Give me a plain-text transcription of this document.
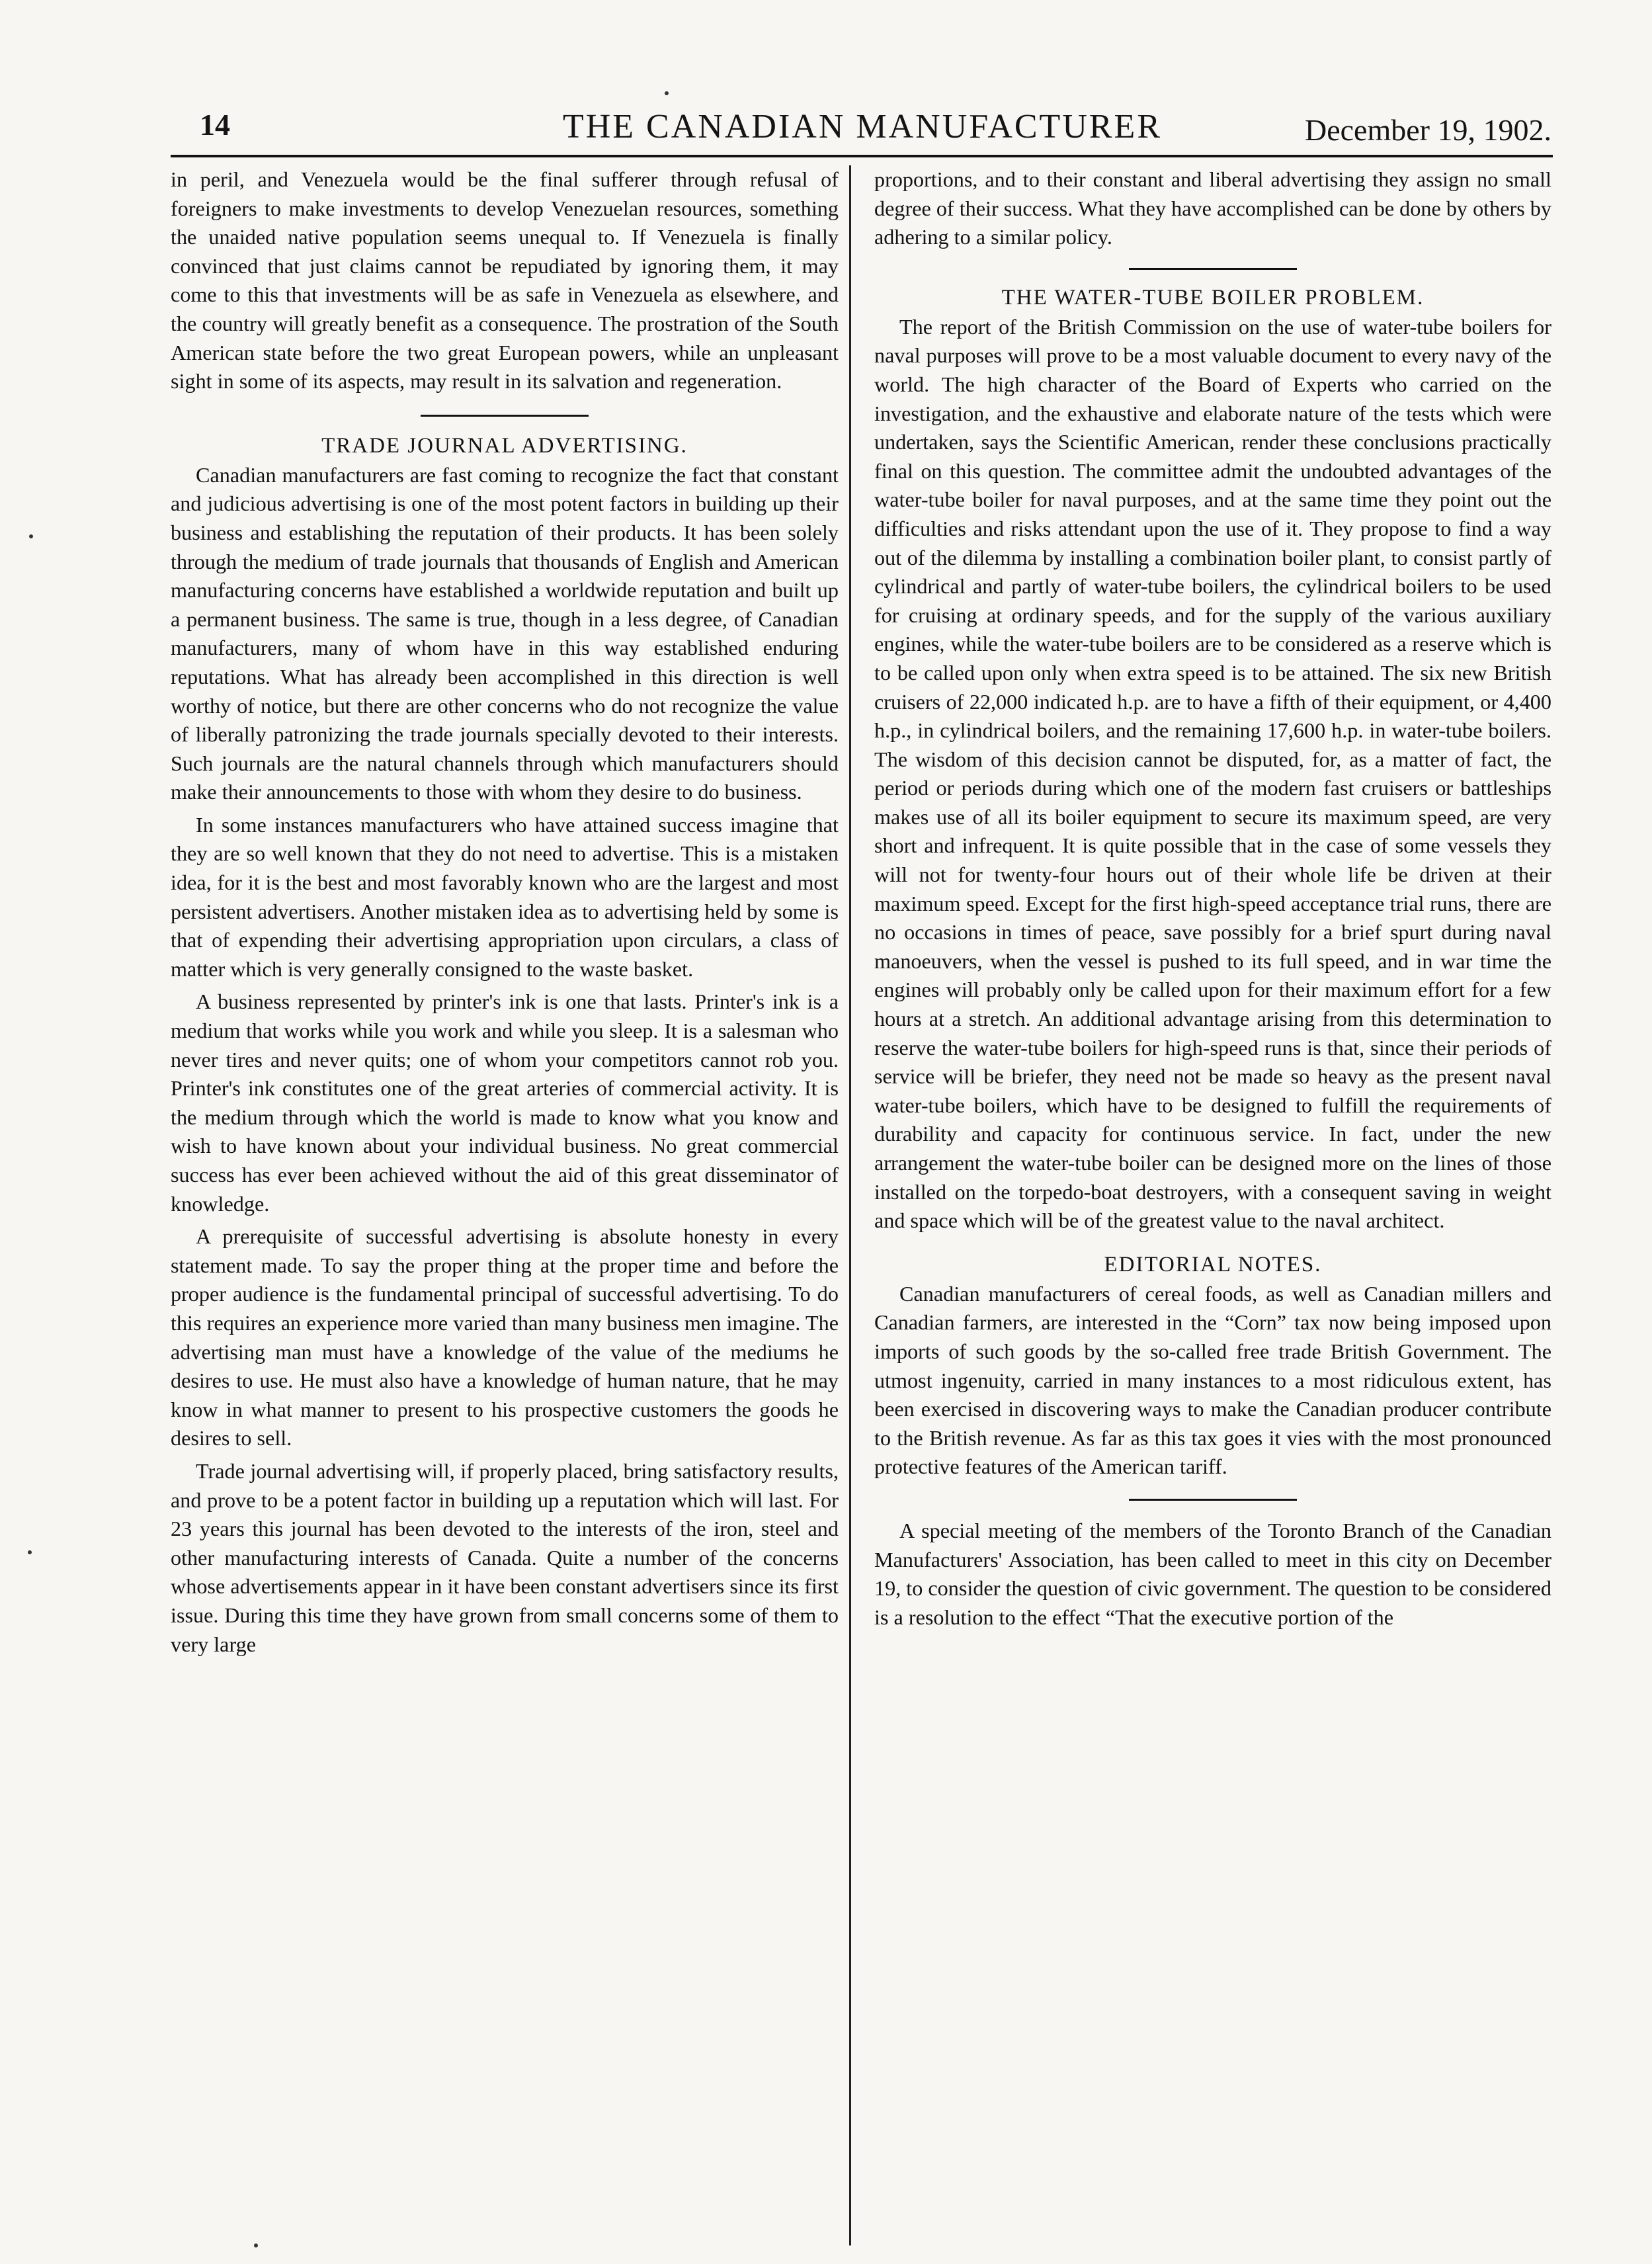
14	THE CANADIAN MANUFACTURER	December 19, 1902.

in peril, and Venezuela would be the final sufferer through refusal of foreigners to make investments to develop Venezuelan resources, something the unaided native population seems unequal to. If Venezuela is finally convinced that just claims cannot be repudiated by ignoring them, it may come to this that investments will be as safe in Venezuela as elsewhere, and the country will greatly benefit as a consequence. The prostration of the South American state before the two great European powers, while an unpleasant sight in some of its aspects, may result in its salvation and regeneration.

TRADE JOURNAL ADVERTISING.

Canadian manufacturers are fast coming to recognize the fact that constant and judicious advertising is one of the most potent factors in building up their business and establishing the reputation of their products. It has been solely through the medium of trade journals that thousands of English and American manufacturing concerns have established a worldwide reputation and built up a permanent business. The same is true, though in a less degree, of Canadian manufacturers, many of whom have in this way established enduring reputations. What has already been accomplished in this direction is well worthy of notice, but there are other concerns who do not recognize the value of liberally patronizing the trade journals specially devoted to their interests. Such journals are the natural channels through which manufacturers should make their announcements to those with whom they desire to do business.

In some instances manufacturers who have attained success imagine that they are so well known that they do not need to advertise. This is a mistaken idea, for it is the best and most favorably known who are the largest and most persistent advertisers. Another mistaken idea as to advertising held by some is that of expending their advertising appropriation upon circulars, a class of matter which is very generally consigned to the waste basket.

A business represented by printer's ink is one that lasts. Printer's ink is a medium that works while you work and while you sleep. It is a salesman who never tires and never quits; one of whom your competitors cannot rob you. Printer's ink constitutes one of the great arteries of commercial activity. It is the medium through which the world is made to know what you know and wish to have known about your individual business. No great commercial success has ever been achieved without the aid of this great disseminator of knowledge.

A prerequisite of successful advertising is absolute honesty in every statement made. To say the proper thing at the proper time and before the proper audience is the fundamental principal of successful advertising. To do this requires an experience more varied than many business men imagine. The advertising man must have a knowledge of the value of the mediums he desires to use. He must also have a knowledge of human nature, that he may know in what manner to present to his prospective customers the goods he desires to sell.

Trade journal advertising will, if properly placed, bring satisfactory results, and prove to be a potent factor in building up a reputation which will last. For 23 years this journal has been devoted to the interests of the iron, steel and other manufacturing interests of Canada. Quite a number of the concerns whose advertisements appear in it have been constant advertisers since its first issue. During this time they have grown from small concerns some of them to very large

proportions, and to their constant and liberal advertising they assign no small degree of their success. What they have accomplished can be done by others by adhering to a similar policy.

THE WATER-TUBE BOILER PROBLEM.

The report of the British Commission on the use of water-tube boilers for naval purposes will prove to be a most valuable document to every navy of the world. The high character of the Board of Experts who carried on the investigation, and the exhaustive and elaborate nature of the tests which were undertaken, says the Scientific American, render these conclusions practically final on this question. The committee admit the undoubted advantages of the water-tube boiler for naval purposes, and at the same time they point out the difficulties and risks attendant upon the use of it. They propose to find a way out of the dilemma by installing a combination boiler plant, to consist partly of cylindrical and partly of water-tube boilers, the cylindrical boilers to be used for cruising at ordinary speeds, and for the supply of the various auxiliary engines, while the water-tube boilers are to be considered as a reserve which is to be called upon only when extra speed is to be attained. The six new British cruisers of 22,000 indicated h.p. are to have a fifth of their equipment, or 4,400 h.p., in cylindrical boilers, and the remaining 17,600 h.p. in water-tube boilers. The wisdom of this decision cannot be disputed, for, as a matter of fact, the period or periods during which one of the modern fast cruisers or battleships makes use of all its boiler equipment to secure its maximum speed, are very short and infrequent. It is quite possible that in the case of some vessels they will not for twenty-four hours out of their whole life be driven at their maximum speed. Except for the first high-speed acceptance trial runs, there are no occasions in times of peace, save possibly for a brief spurt during naval manoeuvers, when the vessel is pushed to its full speed, and in war time the engines will probably only be called upon for their maximum effort for a few hours at a stretch. An additional advantage arising from this determination to reserve the water-tube boilers for high-speed runs is that, since their periods of service will be briefer, they need not be made so heavy as the present naval water-tube boilers, which have to be designed to fulfill the requirements of durability and capacity for continuous service. In fact, under the new arrangement the water-tube boiler can be designed more on the lines of those installed on the torpedo-boat destroyers, with a consequent saving in weight and space which will be of the greatest value to the naval architect.

EDITORIAL NOTES.

Canadian manufacturers of cereal foods, as well as Canadian millers and Canadian farmers, are interested in the “Corn” tax now being imposed upon imports of such goods by the so-called free trade British Government. The utmost ingenuity, carried in many instances to a most ridiculous extent, has been exercised in discovering ways to make the Canadian producer contribute to the British revenue. As far as this tax goes it vies with the most pronounced protective features of the American tariff.

A special meeting of the members of the Toronto Branch of the Canadian Manufacturers' Association, has been called to meet in this city on December 19, to consider the question of civic government. The question to be considered is a resolution to the effect “That the executive portion of the
